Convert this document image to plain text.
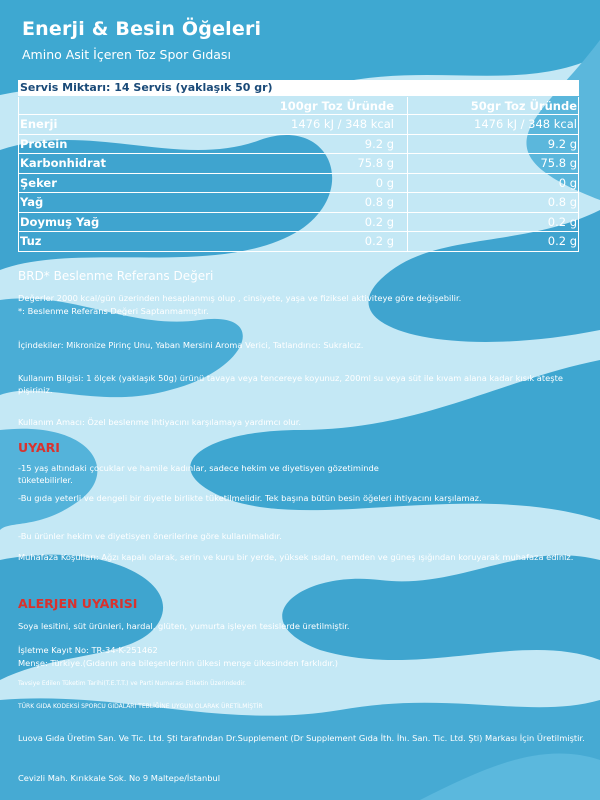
Enerji & Besin Öğeleri
Amino Asit İçeren Toz Spor Gıdası
Servis Miktarı: 14 Servis (yaklaşık 50 gr)
100gr Toz Üründe	50gr Toz Üründe
Enerji	1476 kJ / 348 kcal	1476 kJ / 348 kcal
Protein	9.2 g	9.2 g
Karbonhidrat	75.8 g	75.8 g
Şeker	0 g	0 g
Yağ	0.8 g	0.8 g
Doymuş Yağ	0.2 g	0.2 g
Tuz	0.2 g	0.2 g
BRD* Beslenme Referans Değeri
Değerler 2000 kcal/gün üzerinden hesaplanmış olup , cinsiyete, yaşa ve fiziksel aktiviteye göre değişebilir.
*: Beslenme Referans Değeri Saptanmamıştır.
İçindekiler: Mikronize Pirinç Unu, Yaban Mersini Aroma Verici, Tatlandırıcı: Sukralcız.
Kullanım Bilgisi: 1 ölçek (yaklaşık 50g) ürünü tavaya veya tencereye koyunuz, 200ml su veya süt ile kıvam alana kadar kısık ateşte pişiriniz.
Kullanım Amacı: Özel beslenme ihtiyacını karşılamaya yardımcı olur.
UYARI
-15 yaş altındaki çocuklar ve hamile kadınlar, sadece hekim ve diyetisyen gözetiminde tüketebilirler.
-Bu gıda yeterli ve dengeli bir diyetle birlikte tüketilmelidir. Tek başına bütün besin öğeleri ihtiyacını karşılamaz.
-Bu ürünler hekim ve diyetisyen önerilerine göre kullanılmalıdır.
Muhafaza Koşulları: Ağzı kapalı olarak, serin ve kuru bir yerde, yüksek ısıdan, nemden ve güneş ışığından koruyarak muhafaza ediniz.
ALERJEN UYARISI
Soya lesitini, süt ürünleri, hardal, glüten, yumurta işleyen tesislerde üretilmiştir.
İşletme Kayıt No: TR-34-K-251462
Menşe: Türkiye.(Gıdanın ana bileşenlerinin ülkesi menşe ülkesinden farklıdır.)
Tavsiye Edilen Tüketim Tarihi(T.E.T.T.) ve Parti Numarası Etiketin Üzerindedir.
TÜRK GIDA KODEKSİ SPORCU GIDALARI TEBLİĞİNE UYGUN OLARAK ÜRETİLMİŞTİR
Luova Gıda Üretim San. Ve Tic. Ltd. Şti tarafından Dr.Supplement (Dr Supplement Gıda İth. İhı. San. Tic. Ltd. Şti) Markası İçin Üretilmiştir.
Cevizli Mah. Kırıkkale Sok. No 9 Maltepe/İstanbul
